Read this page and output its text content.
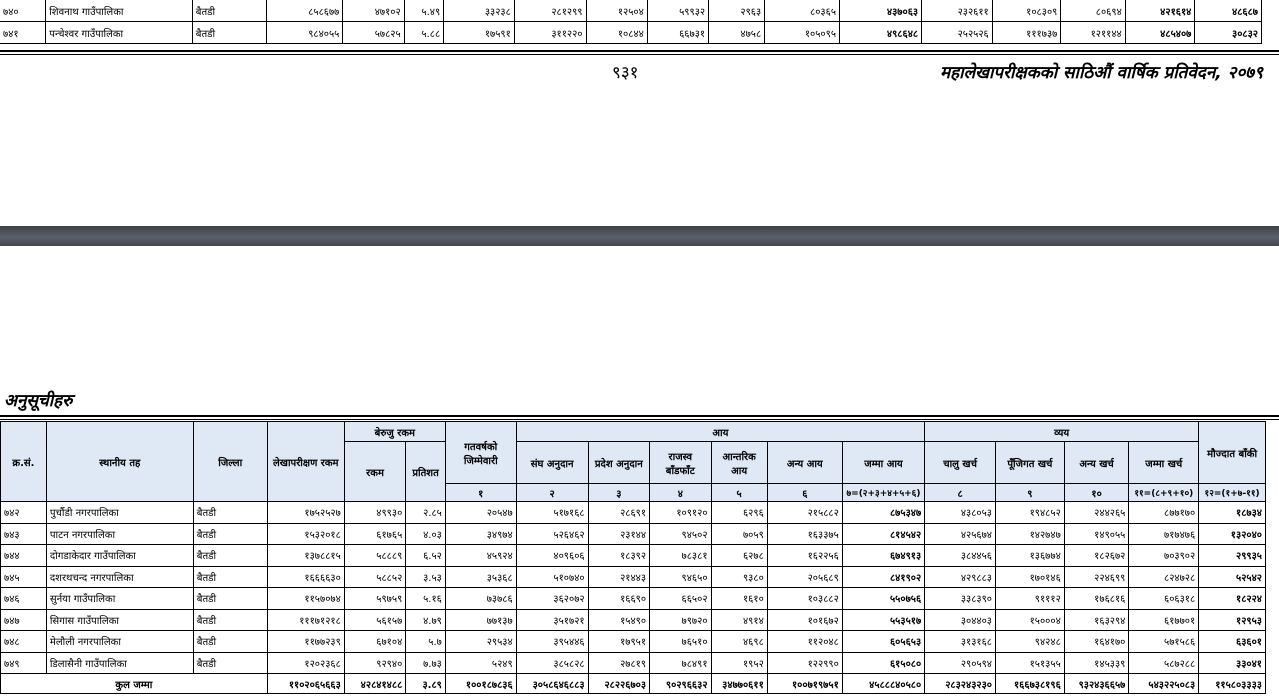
७४०	शिवनाथ गाउँपालिका	बैतडी	८५८६७७	४७१०२	५.४९	३३२३८	२८१२९९	१२५०४	५९९३२	२९६३	८०३६५	४३७०६३	२३२६११	१०८३०९	८०६९४	४२१६१४	४८६८७
७४१	पन्चेश्वर गाउँपालिका	बैतडी	९८४०५५	५७८२५	५.८८	१७५९१	३११२२०	१०८४४	६६७३१	४७५८	१०५०९५	४९८६४८	२५२५२६	१११७३७	१२११४४	४८५४०७	३०८३२
९३१	महालेखापरीक्षकको साठिऔं वार्षिक प्रतिवेदन, २०७९
अनुसूचीहरु
क्र.सं.	स्थानीय तह	जिल्ला	लेखापरीक्षण रकम	बेरुजु रकम		गतवर्षको जिम्मेवारी	आय						व्यय				मौज्दात बाँकी
				रकम	प्रतिशत		संघ अनुदान	प्रदेश अनुदान	राजस्व बाँडफाँट	आन्तरिक आय	अन्य आय	जम्मा आय	चालु खर्च	पूँजिगत खर्च	अन्य खर्च	जम्मा खर्च	
						१	२	३	४	५	६	७=(२+३+४+५+६)	८	९	१०	११=(८+९+१०)	१२=(१+७-११)
७४२	पुर्चौडी नगरपालिका	बैतडी	१७५२५२७	४९९३०	२.८५	२०५४७	५१७१६८	२८६९१	१०९१२०	६२९६	२१५८८२	८७५३४७	४३८०५३	१९४८५२	२४४२६५	८७७१७०	१८७३४
७४३	पाटन नगरपालिका	बैतडी	१५३२०१८	६१७६५	४.०३	३४९७४	५२६४६२	२३१४४	९४५०२	७०५९	१६३३७५	८१४५४२	४२५६७४	१४२७४७	१४९०५५	७१७४७६	१३२०४०
७४४	दोगडाकेदार गाउँपालिका	बैतडी	१३७८८१५	५८८८९	६.५२	४५९२४	४०९६०६	१८३९२	७८३८१	६२७८	१६२२५६	६७४९१३	३८४४५६	१३६७७४	१८२६७२	७०३९०२	२९९३५
७४५	दशरथचन्द नगरपालिका	बैतडी	१६६६६३०	५८८५२	३.५३	३५३६८	५१०७४०	२१४४३	९४६५०	९३८०	२०५६८९	८४१९०२	४२९८८३	१७०१४६	२२४६९९	८२४७२८	५२५४२
७४६	सुर्नया गाउँपालिका	बैतडी	११५७०७४	५९७५९	५.१६	७३७८६	३६२०७२	१६६९०	६६५०२	१६१०	१०३८८२	५५०७५६	३३८३९०	९१११२	१७६८१६	६०६३१८	१८२२४
७४७	सिगास गाउँपालिका	बैतडी	१११७१२१८	५६१५७	४.७९	७७१३७	३५१७२१	१५४९०	७९७२०	४९१४	१०१६७२	५५३५१७	३०४४०३	१५०००४	१६३२९४	६१७७०१	१२९५३
७४८	मेलौली नगरपालिका	बैतडी	११७७२३९	६७१०४	५.७	२९५३४	३९५४४६	१७९५१	७६५१०	४६९८	११२०४८	६०५६५३	३१३१६८	९४२४८	१६४१७०	५७१५८६	६३६०१
७४९	डिलासैनी गाउँपालिका	बैतडी	१२०२३६८	९२९४०	७.७३	५२४९	३८५८२८	२७८१९	७८४९१	१९५२	१२२९९०	६१५०८०	२९०५९४	१५१३५५	१४५३३९	५८७२८८	३३०४१
कुल जम्मा			११०२०६५६६३	४२८४१४८८	३.८९	१००१८७८३६	३०५८६४६८८३	२८२२६७०३	९०२९६६३२	३४७७०६११	१००७१९७५१	४५८८८४०५८०	२८३२४३२३०	१६६७३८१९६	९३२४३६६५७	५४३२२५०८३	११५८०३३३३
